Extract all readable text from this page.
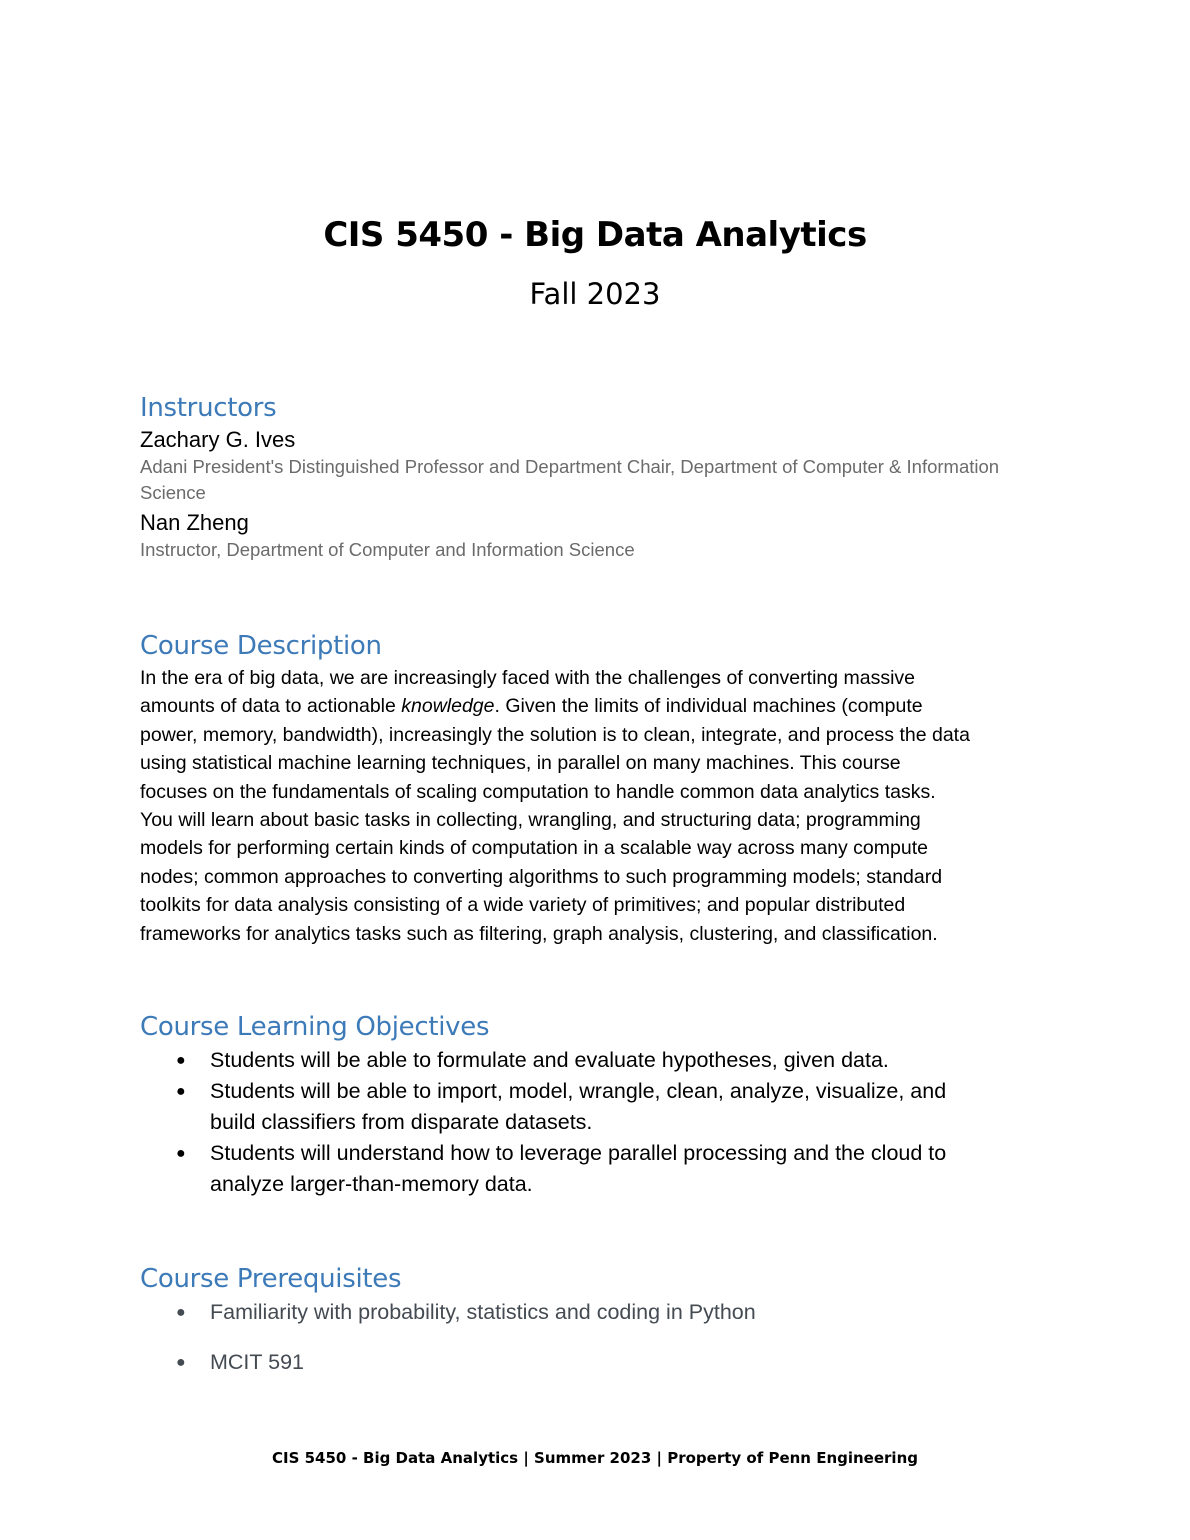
CIS 5450 - Big Data Analytics
Fall 2023
Instructors

Zachary G. Ives

Adani President's Distinguished Professor and Department Chair, Department of Computer & Information
Science

Nan Zheng

Instructor, Department of Computer and Information Science

Course Description

In the era of big data, we are increasingly faced with the challenges of converting massive
amounts of data to actionable knowledge. Given the limits of individual machines (compute
power, memory, bandwidth), increasingly the solution is to clean, integrate, and process the data
using statistical machine learning techniques, in parallel on many machines. This course
focuses on the fundamentals of scaling computation to handle common data analytics tasks.
You will learn about basic tasks in collecting, wrangling, and structuring data; programming
models for performing certain kinds of computation in a scalable way across many compute
nodes; common approaches to converting algorithms to such programming models; standard
toolkits for data analysis consisting of a wide variety of primitives; and popular distributed
frameworks for analytics tasks such as filtering, graph analysis, clustering, and classification.

Course Learning Objectives
● Students will be able to formulate and evaluate hypotheses, given data.
● Students will be able to import, model, wrangle, clean, analyze, visualize, and
build classifiers from disparate datasets.
● Students will understand how to leverage parallel processing and the cloud to
analyze larger-than-memory data.
Course Prerequisites
● Familiarity with probability, statistics and coding in Python
● MCIT 591
CIS 5450 - Big Data Analytics | Summer 2023 | Property of Penn Engineering
